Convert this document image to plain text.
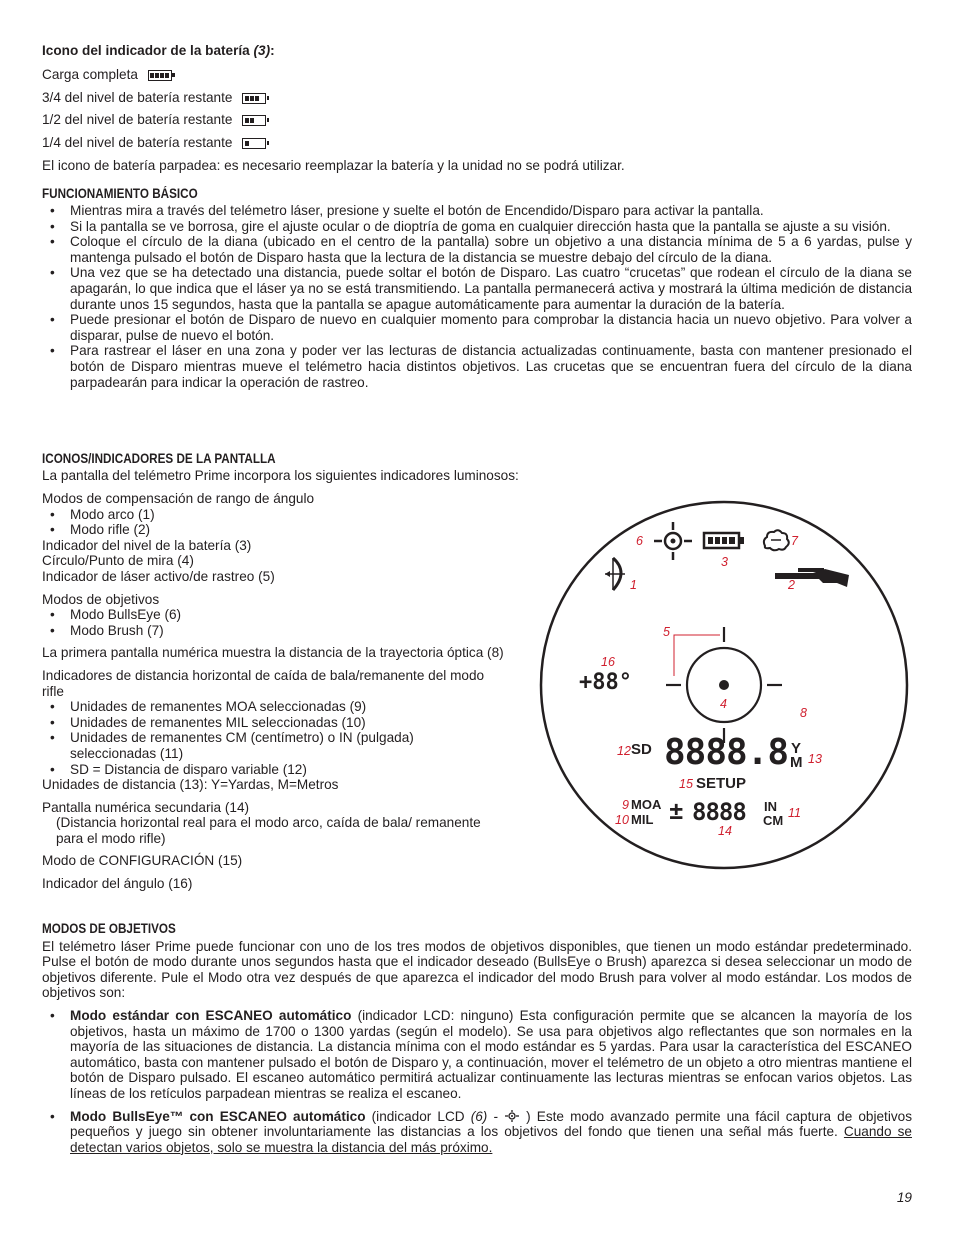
Icono del indicador de la batería (3):
Carga completa
3/4 del nivel de batería restante
1/2 del nivel de batería restante
1/4 del nivel de batería restante
El icono de batería parpadea: es necesario reemplazar la batería y la unidad no se podrá utilizar.
FUNCIONAMIENTO BÁSICO
• Mientras mira a través del telémetro láser, presione y suelte el botón de Encendido/Disparo para activar la pantalla.
• Si la pantalla se ve borrosa, gire el ajuste ocular o de dioptría de goma en cualquier dirección hasta que la pantalla se ajuste a su visión.
• Coloque el círculo de la diana (ubicado en el centro de la pantalla) sobre un objetivo a una distancia mínima de 5 a 6 yardas, pulse y mantenga pulsado el botón de Disparo hasta que la lectura de la distancia se muestre debajo del círculo de la diana.
• Una vez que se ha detectado una distancia, puede soltar el botón de Disparo. Las cuatro “crucetas” que rodean el círculo de la diana se apagarán, lo que indica que el láser ya no se está transmitiendo. La pantalla permanecerá activa y mostrará la última medición de distancia durante unos 15 segundos, hasta que la pantalla se apague automáticamente para aumentar la duración de la batería.
• Puede presionar el botón de Disparo de nuevo en cualquier momento para comprobar la distancia hacia un nuevo objetivo. Para volver a disparar, pulse de nuevo el botón.
• Para rastrear el láser en una zona y poder ver las lecturas de distancia actualizadas continuamente, basta con mantener presionado el botón de Disparo mientras mueve el telémetro hacia distintos objetivos. Las crucetas que se encuentran fuera del círculo de la diana parpadearán para indicar la operación de rastreo.
ICONOS/INDICADORES DE LA PANTALLA
La pantalla del telémetro Prime incorpora los siguientes indicadores luminosos:
Modos de compensación de rango de ángulo
• Modo arco (1)
• Modo rifle (2)
Indicador del nivel de la batería (3)
Círculo/Punto de mira (4)
Indicador de láser activo/de rastreo (5)
Modos de objetivos
• Modo BullsEye (6)
• Modo Brush (7)
La primera pantalla numérica muestra la distancia de la trayectoria óptica (8)
Indicadores de distancia horizontal de caída de bala/remanente del modo rifle
• Unidades de remanentes MOA seleccionadas (9)
• Unidades de remanentes MIL seleccionadas (10)
• Unidades de remanentes CM (centímetro) o IN (pulgada) seleccionadas (11)
• SD = Distancia de disparo variable (12)
Unidades de distancia (13): Y=Yardas, M=Metros
Pantalla numérica secundaria (14)
(Distancia horizontal real para el modo arco, caída de bala/ remanente para el modo rifle)
Modo de CONFIGURACIÓN (15)
Indicador del ángulo (16)
6	7
3
1	2
5
16
4
8
12
13
15
9
10	11
14
+88°
SD 8888.8 Y
M
SETUP
MOA
MIL ± 8888 IN
CM
MODOS DE OBJETIVOS
El telémetro láser Prime puede funcionar con uno de los tres modos de objetivos disponibles, que tienen un modo estándar predeterminado. Pulse el botón de modo durante unos segundos hasta que el indicador deseado (BullsEye o Brush) aparezca si desea seleccionar un modo de objetivos diferente. Pule el Modo otra vez después de que aparezca el indicador del modo Brush para volver al modo estándar. Los modos de objetivos son:
• Modo estándar con ESCANEO automático (indicador LCD: ninguno) Esta configuración permite que se alcancen la mayoría de los objetivos, hasta un máximo de 1700 o 1300 yardas (según el modelo). Se usa para objetivos algo reflectantes que son normales en la mayoría de las situaciones de distancia. La distancia mínima con el modo estándar es 5 yardas. Para usar la característica del ESCANEO automático, basta con mantener pulsado el botón de Disparo y, a continuación, mover el telémetro de un objeto a otro mientras mantiene el botón de Disparo pulsado. El escaneo automático permitirá actualizar continuamente las lecturas mientras se enfocan varios objetos. Las líneas de los retículos parpadean mientras se realiza el escaneo.
• Modo BullsEye™ con ESCANEO automático (indicador LCD (6) -  ) Este modo avanzado permite una fácil captura de objetivos pequeños y juego sin obtener involuntariamente las distancias a los objetivos del fondo que tienen una señal más fuerte. Cuando se detectan varios objetos, solo se muestra la distancia del más próximo.
19
